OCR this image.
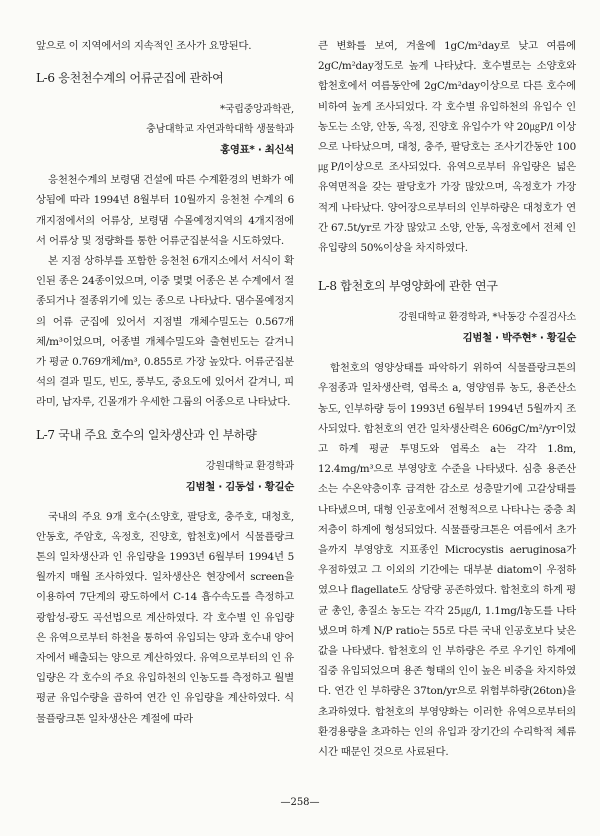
앞으로 이 지역에서의 지속적인 조사가 요망된다.

L-6 응천천수계의 어류군집에 관하여
*국립중앙과학관,
충남대학교 자연과학대학 생물학과
홍영표* · 최신석

응천천수계의 보령댐 건설에 따른 수계환경의 변화가 예상됨에 따라 1994년 8월부터 10월까지 응천천 수계의 6개지점에서의 어류상, 보령댐 수몰예정지역의 4개지점에서 어류상 및 정량화를 통한 어류군집분석을 시도하였다.

본 지점 상하부를 포함한 응천천 6개지소에서 서식이 확인된 종은 24종이었으며, 이중 몇몇 어종은 본 수계에서 절종되거나 절종위기에 있는 종으로 나타났다. 댐수몰예정지의 어류 군집에 있어서 지점별 개체수밀도는 0.567개체/m³이었으며, 어종별 개체수밀도와 출현빈도는 갈겨니가 평균 0.769개체/m³, 0.855로 가장 높았다. 어류군집분석의 결과 밀도, 빈도, 풍부도, 중요도에 있어서 갈겨니, 피라미, 납자루, 긴몰개가 우세한 그룹의 어종으로 나타났다.

L-7 국내 주요 호수의 일차생산과 인 부하량
강원대학교 환경학과
김범철 · 김동섭 · 황길순

국내의 주요 9개 호수(소양호, 팔당호, 충주호, 대청호, 안동호, 주암호, 옥정호, 진양호, 합천호)에서 식물플랑크톤의 일차생산과 인 유입량을 1993년 6월부터 1994년 5월까지 매월 조사하였다. 일차생산은 현장에서 screen을 이용하여 7단계의 광도하에서 C-14 흡수속도를 측정하고 광합성-광도 곡선법으로 계산하였다. 각 호수별 인 유입량은 유역으로부터 하천을 통하여 유입되는 양과 호수내 양어자에서 배출되는 양으로 계산하였다. 유역으로부터의 인 유입량은 각 호수의 주요 유입하천의 인농도를 측정하고 월별 평균 유입수량을 곱하여 연간 인 유입량을 계산하였다. 식물플랑크톤 일차생산은 계절에 따라

큰 변화를 보여, 겨울에 1gC/m²day로 낮고 여름에 2gC/m²day정도로 높게 나타났다. 호수별로는 소양호와 합천호에서 여름동안에 2gC/m²day이상으로 다른 호수에 비하여 높게 조사되었다. 각 호수별 유입하천의 유입수 인농도는 소양, 안동, 옥정, 진양호 유입수가 약 20㎍P/l 이상으로 나타났으며, 대청, 충주, 팔당호는 조사기간동안 100㎍P/l이상으로 조사되었다. 유역으로부터 유입량은 넓은 유역면적을 갖는 팔당호가 가장 많았으며, 옥정호가 가장 적게 나타났다. 양어장으로부터의 인부하량은 대청호가 연간 67.5t/yr로 가장 많았고 소양, 안동, 옥정호에서 전체 인유입량의 50%이상을 차지하였다.

L-8 합천호의 부영양화에 관한 연구
강원대학교 환경학과, *낙동강 수질검사소
김범철 · 박주현* · 황길순

합천호의 영양상태를 파악하기 위하여 식물플랑크톤의 우점종과 일차생산력, 엽록소 a, 영양염류 농도, 용존산소농도, 인부하량 등이 1993년 6월부터 1994년 5월까지 조사되었다. 합천호의 연간 일차생산력은 606gC/m²/yr이었고 하계 평균 투명도와 엽록소 a는 각각 1.8m, 12.4mg/m³으로 부영양호 수준을 나타냈다. 심층 용존산소는 수온약층이후 급격한 감소로 성층말기에 고갈상태를 나타냈으며, 대형 인공호에서 전형적으로 나타나는 중층 최저층이 하계에 형성되었다. 식물플랑크톤은 여름에서 초가을까지 부영양호 지표종인 Microcystis aeruginosa가 우점하였고 그 이외의 기간에는 대부분 diatom이 우점하였으나 flagellate도 상당량 공존하였다. 합천호의 하계 평균 총인, 총질소 농도는 각각 25㎍/l, 1.1mg/l농도를 나타냈으며 하계 N/P ratio는 55로 다른 국내 인공호보다 낮은 값을 나타냈다. 합천호의 인 부하량은 주로 우기인 하계에 집중 유입되었으며 용존 형태의 인이 높은 비중을 차지하였다. 연간 인 부하량은 37ton/yr으로 위험부하량(26ton)을 초과하였다. 합천호의 부영양화는 이러한 유역으로부터의 환경용량을 초과하는 인의 유입과 장기간의 수리학적 체류시간 때문인 것으로 사료된다.

—258—
